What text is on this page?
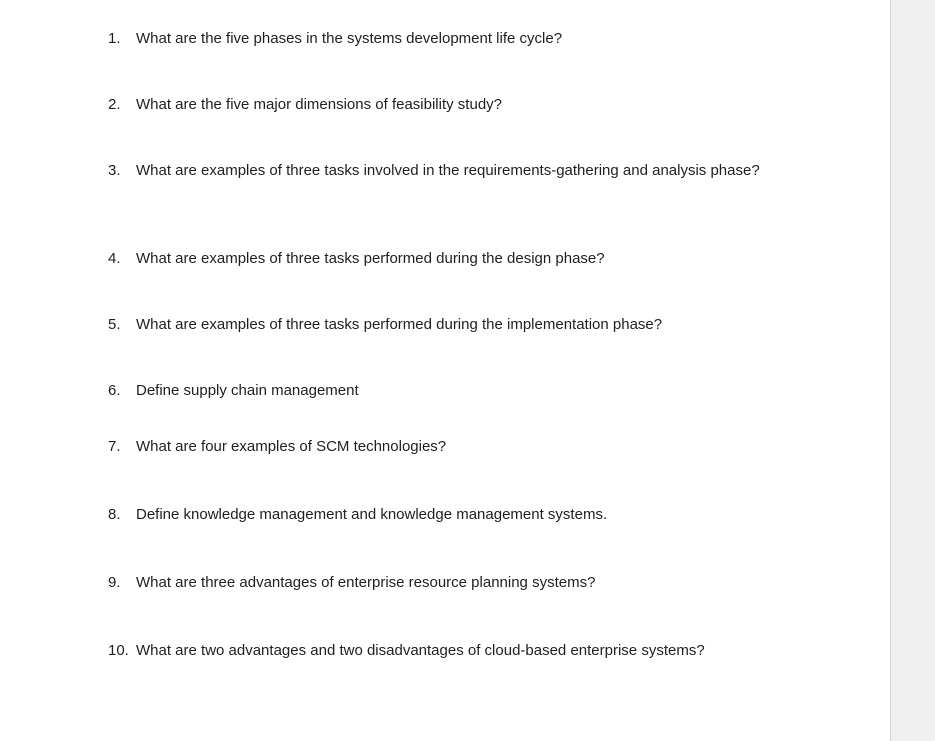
1. What are the five phases in the systems development life cycle?
2. What are the five major dimensions of feasibility study?
3. What are examples of three tasks involved in the requirements-gathering and analysis phase?
4. What are examples of three tasks performed during the design phase?
5. What are examples of three tasks performed during the implementation phase?
6. Define supply chain management
7. What are four examples of SCM technologies?
8. Define knowledge management and knowledge management systems.
9. What are three advantages of enterprise resource planning systems?
10. What are two advantages and two disadvantages of cloud-based enterprise systems?
